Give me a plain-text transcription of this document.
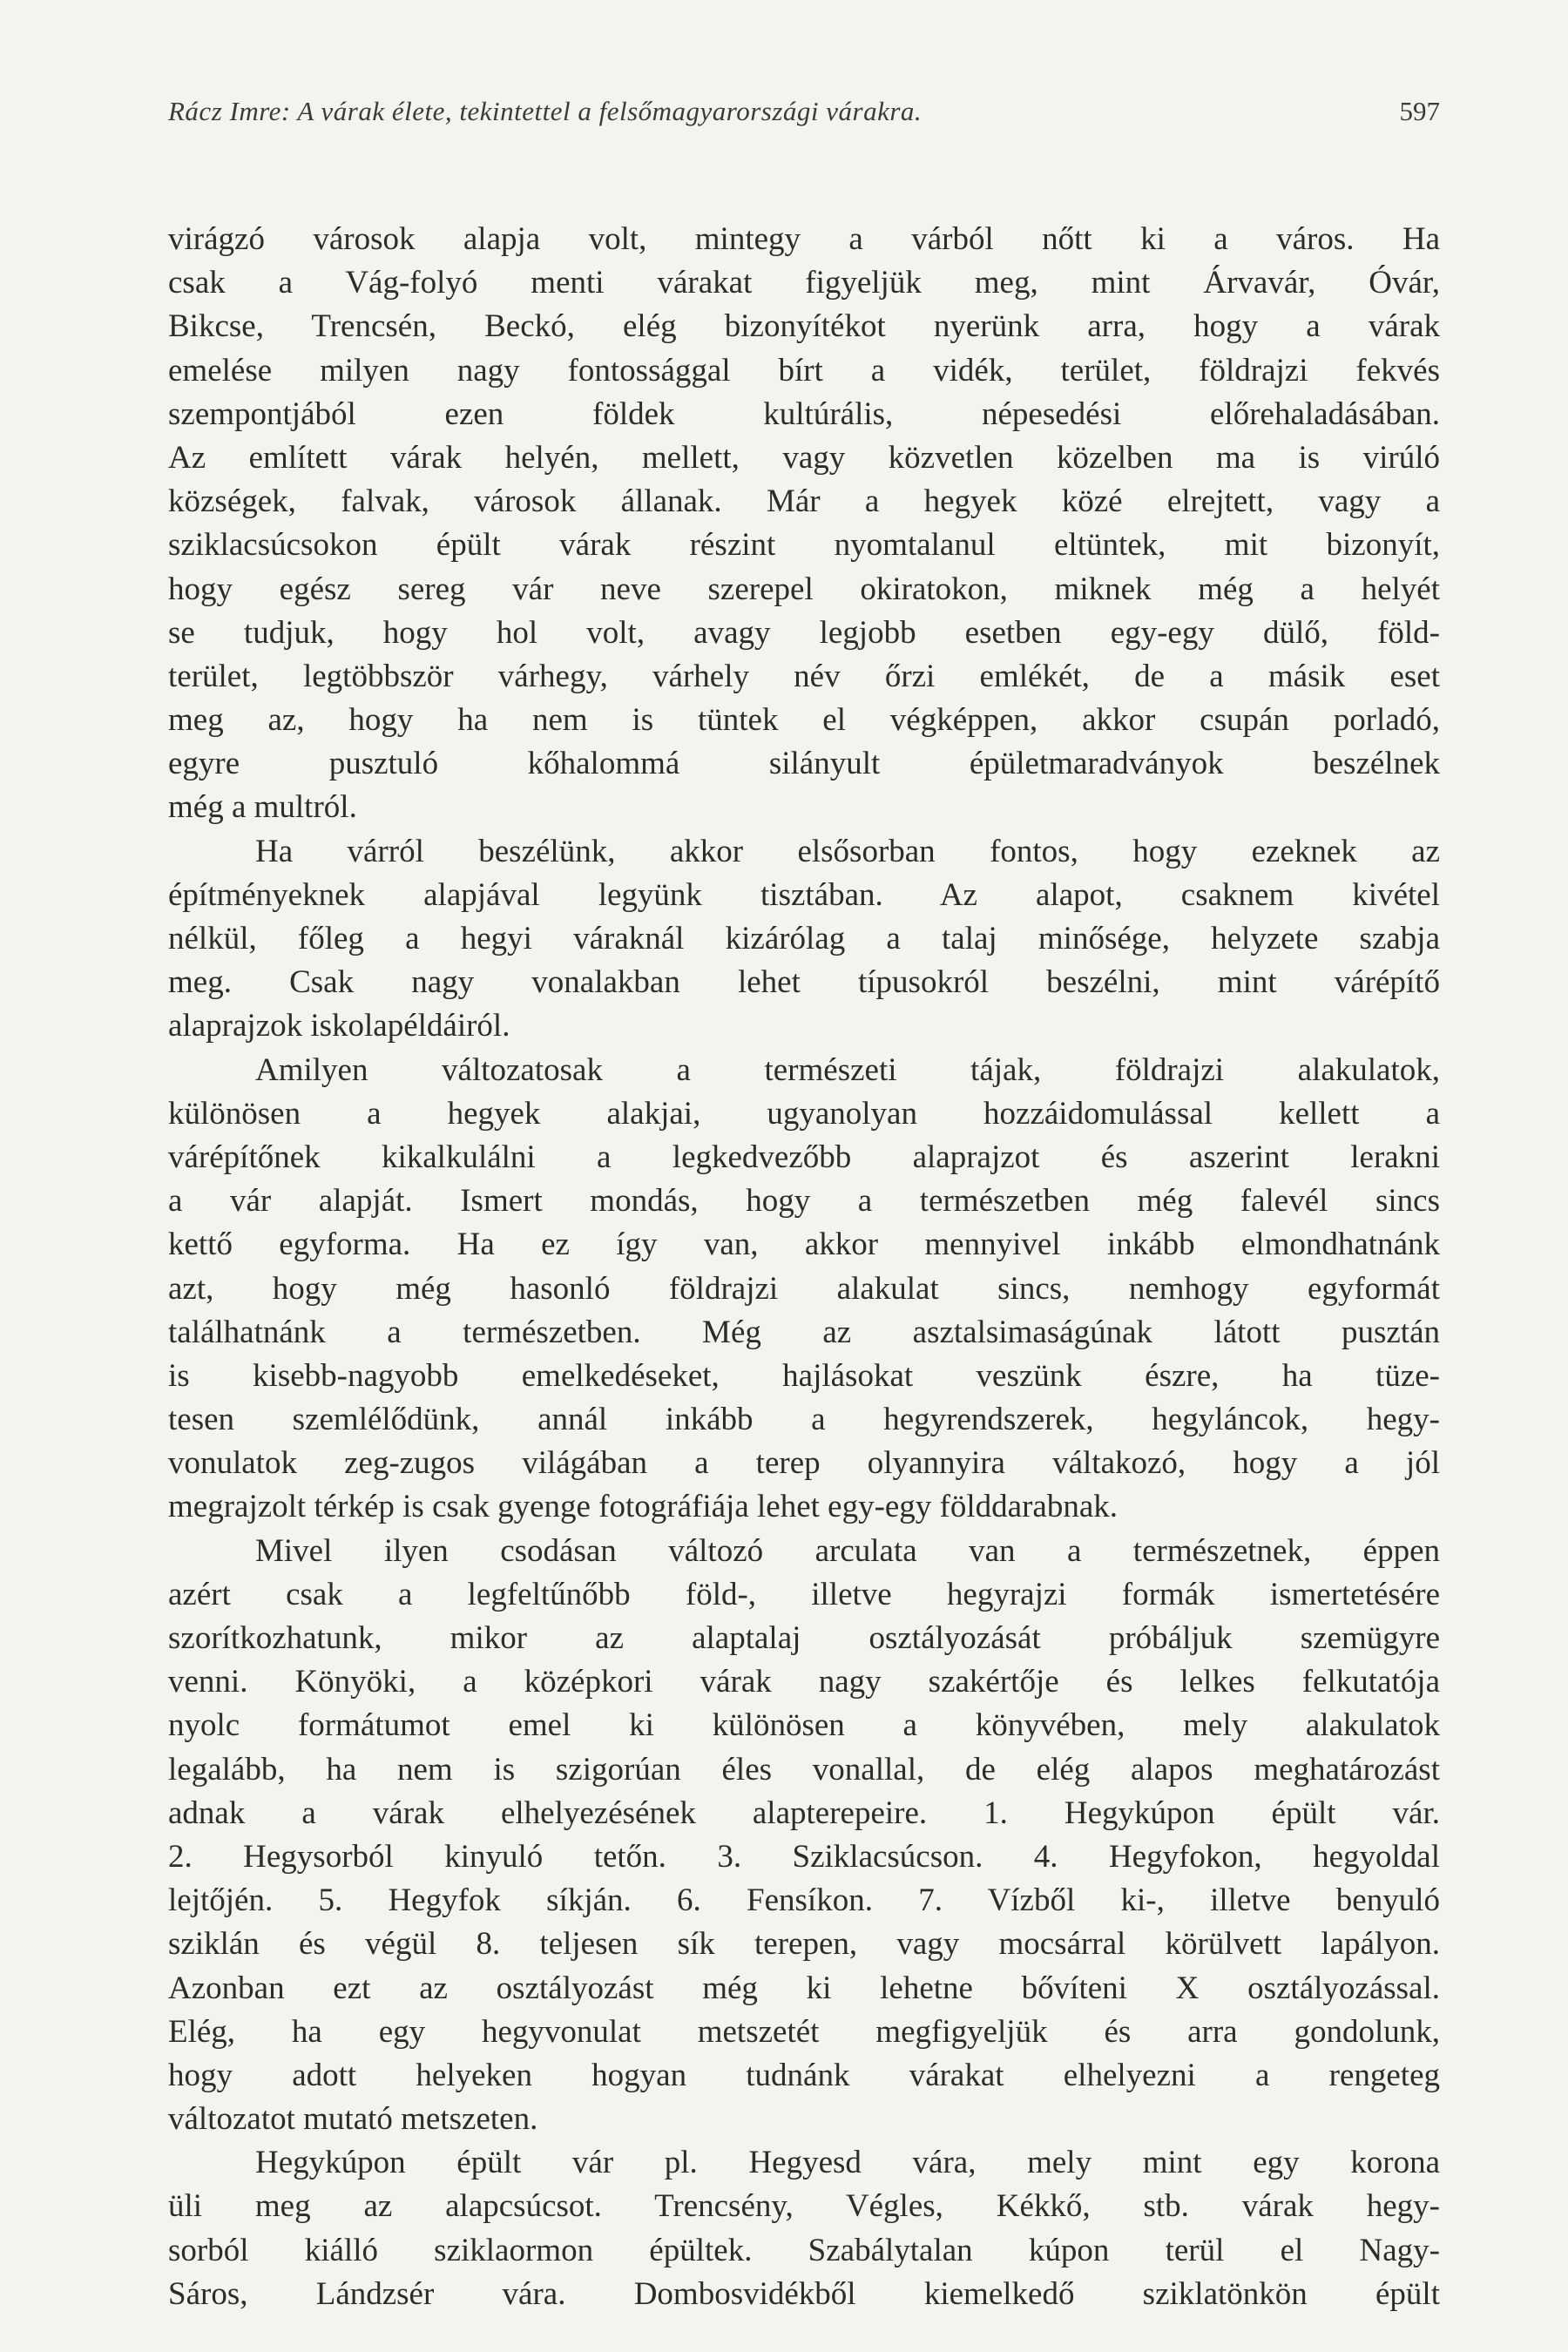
Rácz Imre: A várak élete, tekintettel a felsőmagyarországi várakra.	597
virágzó városok alapja volt, mintegy a várból nőtt ki a város. Ha
csak a Vág-folyó menti várakat figyeljük meg, mint Árvavár, Óvár,
Bikcse, Trencsén, Beckó, elég bizonyítékot nyerünk arra, hogy a várak
emelése milyen nagy fontossággal bírt a vidék, terület, földrajzi fekvés
szempontjából ezen földek kultúrális, népesedési előrehaladásában.
Az említett várak helyén, mellett, vagy közvetlen közelben ma is virúló
községek, falvak, városok állanak. Már a hegyek közé elrejtett, vagy a
sziklacsúcsokon épült várak részint nyomtalanul eltüntek, mit bizonyít,
hogy egész sereg vár neve szerepel okiratokon, miknek még a helyét
se tudjuk, hogy hol volt, avagy legjobb esetben egy-egy dülő, föld-
terület, legtöbbször várhegy, várhely név őrzi emlékét, de a másik eset
meg az, hogy ha nem is tüntek el végképpen, akkor csupán porladó,
egyre pusztuló kőhalommá silányult épületmaradványok beszélnek
még a multról.
Ha várról beszélünk, akkor elsősorban fontos, hogy ezeknek az
építményeknek alapjával legyünk tisztában. Az alapot, csaknem kivétel
nélkül, főleg a hegyi váraknál kizárólag a talaj minősége, helyzete szabja
meg. Csak nagy vonalakban lehet típusokról beszélni, mint várépítő
alaprajzok iskolapéldáiról.
Amilyen változatosak a természeti tájak, földrajzi alakulatok,
különösen a hegyek alakjai, ugyanolyan hozzáidomulással kellett a
várépítőnek kikalkulálni a legkedvezőbb alaprajzot és aszerint lerakni
a vár alapját. Ismert mondás, hogy a természetben még falevél sincs
kettő egyforma. Ha ez így van, akkor mennyivel inkább elmondhatnánk
azt, hogy még hasonló földrajzi alakulat sincs, nemhogy egyformát
találhatnánk a természetben. Még az asztalsimaságúnak látott pusztán
is kisebb-nagyobb emelkedéseket, hajlásokat veszünk észre, ha tüze-
tesen szemlélődünk, annál inkább a hegyrendszerek, hegyláncok, hegy-
vonulatok zeg-zugos világában a terep olyannyira váltakozó, hogy a jól
megrajzolt térkép is csak gyenge fotográfiája lehet egy-egy földdarabnak.
Mivel ilyen csodásan változó arculata van a természetnek, éppen
azért csak a legfeltűnőbb föld-, illetve hegyrajzi formák ismertetésére
szorítkozhatunk, mikor az alaptalaj osztályozását próbáljuk szemügyre
venni. Könyöki, a középkori várak nagy szakértője és lelkes felkutatója
nyolc formátumot emel ki különösen a könyvében, mely alakulatok
legalább, ha nem is szigorúan éles vonallal, de elég alapos meghatározást
adnak a várak elhelyezésének alapterepeire. 1. Hegykúpon épült vár.
2. Hegysorból kinyuló tetőn. 3. Sziklacsúcson. 4. Hegyfokon, hegyoldal
lejtőjén. 5. Hegyfok síkján. 6. Fensíkon. 7. Vízből ki-, illetve benyuló
sziklán és végül 8. teljesen sík terepen, vagy mocsárral körülvett lapályon.
Azonban ezt az osztályozást még ki lehetne bővíteni X osztályozással.
Elég, ha egy hegyvonulat metszetét megfigyeljük és arra gondolunk,
hogy adott helyeken hogyan tudnánk várakat elhelyezni a rengeteg
változatot mutató metszeten.
Hegykúpon épült vár pl. Hegyesd vára, mely mint egy korona
üli meg az alapcsúcsot. Trencsény, Végles, Kékkő, stb. várak hegy-
sorból kiálló sziklaormon épültek. Szabálytalan kúpon terül el Nagy-
Sáros, Lándzsér vára. Dombosvidékből kiemelkedő sziklatönkön épült
